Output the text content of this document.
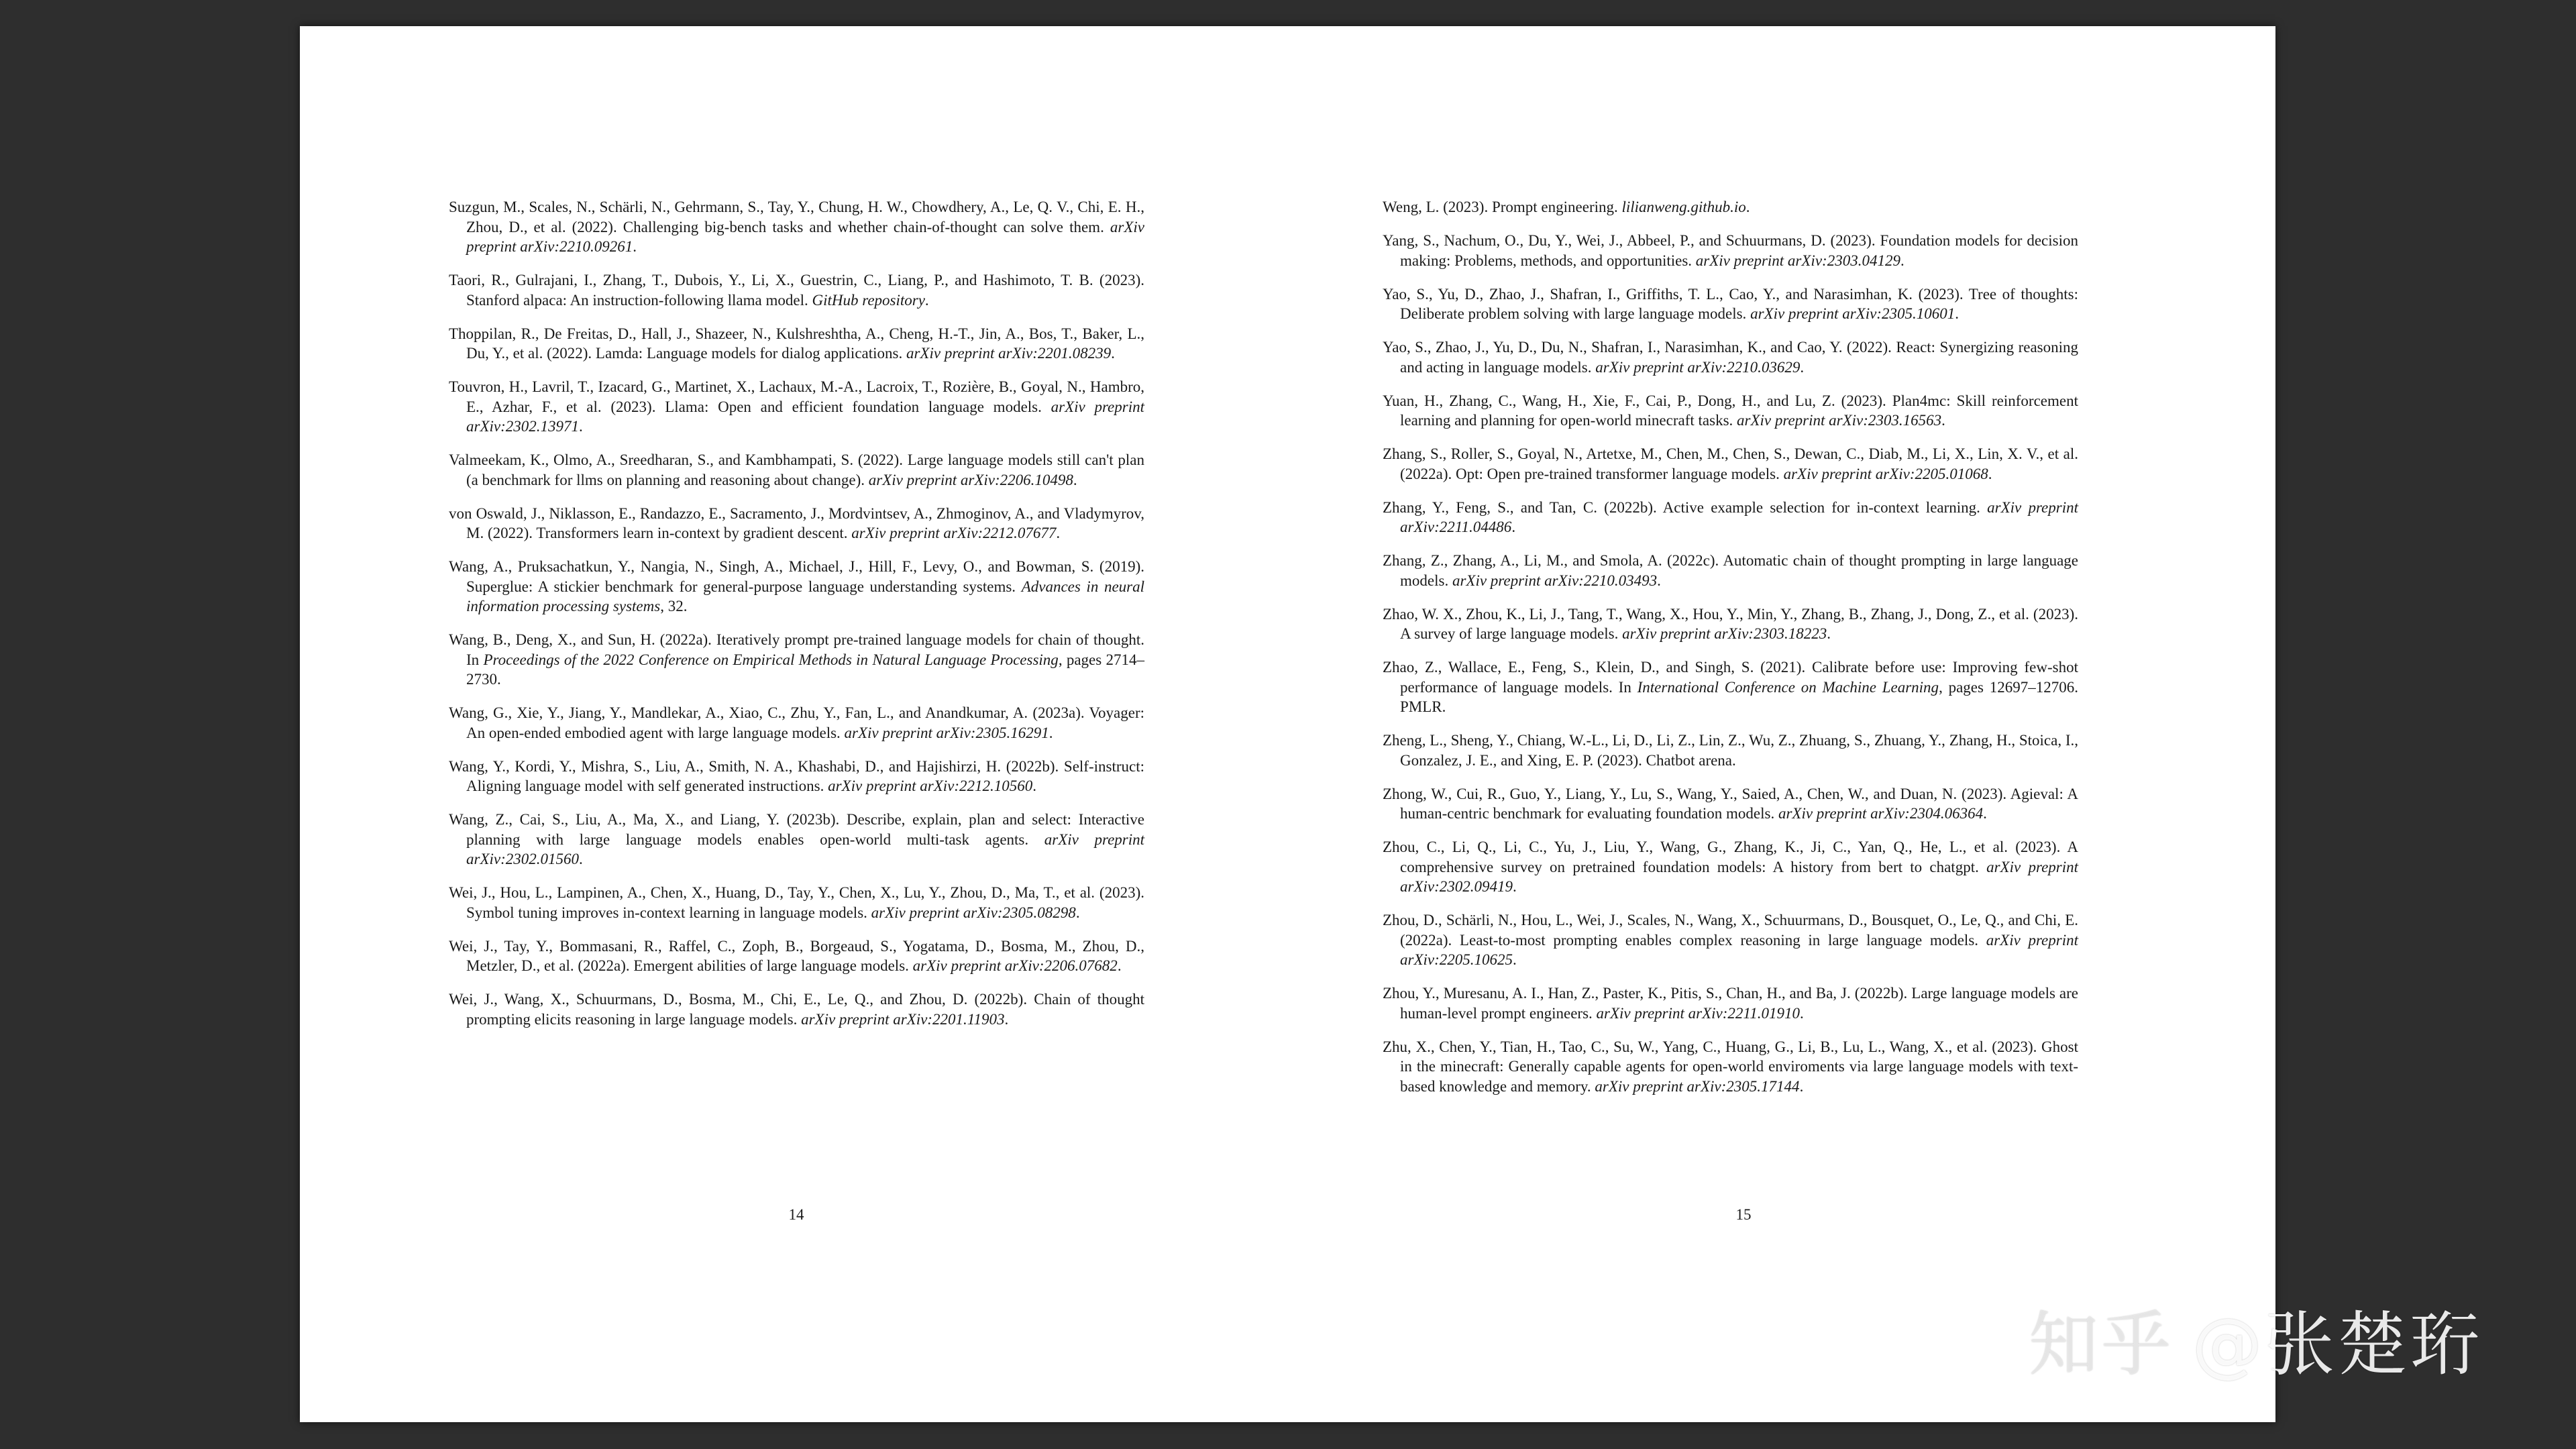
Suzgun, M., Scales, N., Schärli, N., Gehrmann, S., Tay, Y., Chung, H. W., Chowdhery, A., Le, Q. V., Chi, E. H., Zhou, D., et al. (2022). Challenging big-bench tasks and whether chain-of-thought can solve them. arXiv preprint arXiv:2210.09261.
Taori, R., Gulrajani, I., Zhang, T., Dubois, Y., Li, X., Guestrin, C., Liang, P., and Hashimoto, T. B. (2023). Stanford alpaca: An instruction-following llama model. GitHub repository.
Thoppilan, R., De Freitas, D., Hall, J., Shazeer, N., Kulshreshtha, A., Cheng, H.-T., Jin, A., Bos, T., Baker, L., Du, Y., et al. (2022). Lamda: Language models for dialog applications. arXiv preprint arXiv:2201.08239.
Touvron, H., Lavril, T., Izacard, G., Martinet, X., Lachaux, M.-A., Lacroix, T., Rozière, B., Goyal, N., Hambro, E., Azhar, F., et al. (2023). Llama: Open and efficient foundation language models. arXiv preprint arXiv:2302.13971.
Valmeekam, K., Olmo, A., Sreedharan, S., and Kambhampati, S. (2022). Large language models still can't plan (a benchmark for llms on planning and reasoning about change). arXiv preprint arXiv:2206.10498.
von Oswald, J., Niklasson, E., Randazzo, E., Sacramento, J., Mordvintsev, A., Zhmoginov, A., and Vladymyrov, M. (2022). Transformers learn in-context by gradient descent. arXiv preprint arXiv:2212.07677.
Wang, A., Pruksachatkun, Y., Nangia, N., Singh, A., Michael, J., Hill, F., Levy, O., and Bowman, S. (2019). Superglue: A stickier benchmark for general-purpose language understanding systems. Advances in neural information processing systems, 32.
Wang, B., Deng, X., and Sun, H. (2022a). Iteratively prompt pre-trained language models for chain of thought. In Proceedings of the 2022 Conference on Empirical Methods in Natural Language Processing, pages 2714–2730.
Wang, G., Xie, Y., Jiang, Y., Mandlekar, A., Xiao, C., Zhu, Y., Fan, L., and Anandkumar, A. (2023a). Voyager: An open-ended embodied agent with large language models. arXiv preprint arXiv:2305.16291.
Wang, Y., Kordi, Y., Mishra, S., Liu, A., Smith, N. A., Khashabi, D., and Hajishirzi, H. (2022b). Self-instruct: Aligning language model with self generated instructions. arXiv preprint arXiv:2212.10560.
Wang, Z., Cai, S., Liu, A., Ma, X., and Liang, Y. (2023b). Describe, explain, plan and select: Interactive planning with large language models enables open-world multi-task agents. arXiv preprint arXiv:2302.01560.
Wei, J., Hou, L., Lampinen, A., Chen, X., Huang, D., Tay, Y., Chen, X., Lu, Y., Zhou, D., Ma, T., et al. (2023). Symbol tuning improves in-context learning in language models. arXiv preprint arXiv:2305.08298.
Wei, J., Tay, Y., Bommasani, R., Raffel, C., Zoph, B., Borgeaud, S., Yogatama, D., Bosma, M., Zhou, D., Metzler, D., et al. (2022a). Emergent abilities of large language models. arXiv preprint arXiv:2206.07682.
Wei, J., Wang, X., Schuurmans, D., Bosma, M., Chi, E., Le, Q., and Zhou, D. (2022b). Chain of thought prompting elicits reasoning in large language models. arXiv preprint arXiv:2201.11903.
14
Weng, L. (2023). Prompt engineering. lilianweng.github.io.
Yang, S., Nachum, O., Du, Y., Wei, J., Abbeel, P., and Schuurmans, D. (2023). Foundation models for decision making: Problems, methods, and opportunities. arXiv preprint arXiv:2303.04129.
Yao, S., Yu, D., Zhao, J., Shafran, I., Griffiths, T. L., Cao, Y., and Narasimhan, K. (2023). Tree of thoughts: Deliberate problem solving with large language models. arXiv preprint arXiv:2305.10601.
Yao, S., Zhao, J., Yu, D., Du, N., Shafran, I., Narasimhan, K., and Cao, Y. (2022). React: Synergizing reasoning and acting in language models. arXiv preprint arXiv:2210.03629.
Yuan, H., Zhang, C., Wang, H., Xie, F., Cai, P., Dong, H., and Lu, Z. (2023). Plan4mc: Skill reinforcement learning and planning for open-world minecraft tasks. arXiv preprint arXiv:2303.16563.
Zhang, S., Roller, S., Goyal, N., Artetxe, M., Chen, M., Chen, S., Dewan, C., Diab, M., Li, X., Lin, X. V., et al. (2022a). Opt: Open pre-trained transformer language models. arXiv preprint arXiv:2205.01068.
Zhang, Y., Feng, S., and Tan, C. (2022b). Active example selection for in-context learning. arXiv preprint arXiv:2211.04486.
Zhang, Z., Zhang, A., Li, M., and Smola, A. (2022c). Automatic chain of thought prompting in large language models. arXiv preprint arXiv:2210.03493.
Zhao, W. X., Zhou, K., Li, J., Tang, T., Wang, X., Hou, Y., Min, Y., Zhang, B., Zhang, J., Dong, Z., et al. (2023). A survey of large language models. arXiv preprint arXiv:2303.18223.
Zhao, Z., Wallace, E., Feng, S., Klein, D., and Singh, S. (2021). Calibrate before use: Improving few-shot performance of language models. In International Conference on Machine Learning, pages 12697–12706. PMLR.
Zheng, L., Sheng, Y., Chiang, W.-L., Li, D., Li, Z., Lin, Z., Wu, Z., Zhuang, S., Zhuang, Y., Zhang, H., Stoica, I., Gonzalez, J. E., and Xing, E. P. (2023). Chatbot arena.
Zhong, W., Cui, R., Guo, Y., Liang, Y., Lu, S., Wang, Y., Saied, A., Chen, W., and Duan, N. (2023). Agieval: A human-centric benchmark for evaluating foundation models. arXiv preprint arXiv:2304.06364.
Zhou, C., Li, Q., Li, C., Yu, J., Liu, Y., Wang, G., Zhang, K., Ji, C., Yan, Q., He, L., et al. (2023). A comprehensive survey on pretrained foundation models: A history from bert to chatgpt. arXiv preprint arXiv:2302.09419.
Zhou, D., Schärli, N., Hou, L., Wei, J., Scales, N., Wang, X., Schuurmans, D., Bousquet, O., Le, Q., and Chi, E. (2022a). Least-to-most prompting enables complex reasoning in large language models. arXiv preprint arXiv:2205.10625.
Zhou, Y., Muresanu, A. I., Han, Z., Paster, K., Pitis, S., Chan, H., and Ba, J. (2022b). Large language models are human-level prompt engineers. arXiv preprint arXiv:2211.01910.
Zhu, X., Chen, Y., Tian, H., Tao, C., Su, W., Yang, C., Huang, G., Li, B., Lu, L., Wang, X., et al. (2023). Ghost in the minecraft: Generally capable agents for open-world enviroments via large language models with text-based knowledge and memory. arXiv preprint arXiv:2305.17144.
15
知乎 @张楚珩
